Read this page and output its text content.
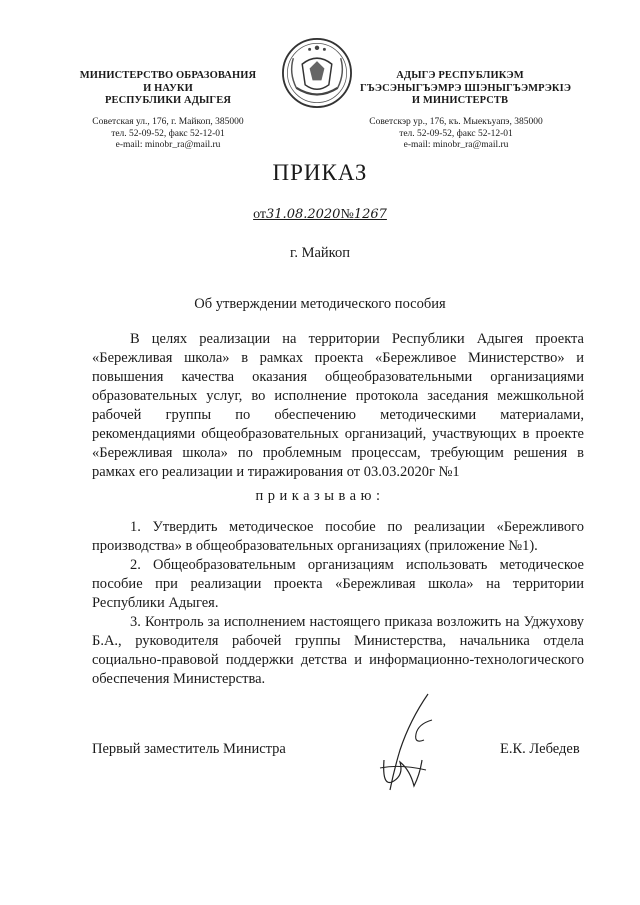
МИНИСТЕРСТВО ОБРАЗОВАНИЯ
И НАУКИ
РЕСПУБЛИКИ АДЫГЕЯ
АДЫГЭ РЕСПУБЛИКЭМ
ГЪЭСЭНЫГЪЭМРЭ ШІЭНЫГЪЭМРЭКІЭ
И МИНИСТЕРСТВ
Советская ул., 176, г. Майкоп, 385000
тел. 52-09-52, факс 52-12-01
e-mail: minobr_ra@mail.ru
Советскэр ур., 176, къ. Мыекъуапэ, 385000
тел. 52-09-52, факс 52-12-01
e-mail: minobr_ra@mail.ru
ПРИКАЗ
от31.08.2020№1267
г. Майкоп
Об утверждении методического пособия
В целях реализации на территории Республики Адыгея проекта «Бережливая школа» в рамках проекта «Бережливое Министерство» и повышения качества оказания общеобразовательными организациями образовательных услуг, во исполнение протокола заседания межшкольной рабочей группы по обеспечению методическими материалами, рекомендациями общеобразовательных организаций, участвующих в проекте «Бережливая школа» по проблемным процессам, требующим решения в рамках его реализации и тиражирования от 03.03.2020г №1
приказываю:

1. Утвердить методическое пособие по реализации «Бережливого производства» в общеобразовательных организациях (приложение №1).

2. Общеобразовательным организациям использовать методическое пособие при реализации проекта «Бережливая школа» на территории Республики Адыгея.

3. Контроль за исполнением настоящего приказа возложить на Уджухову Б.А., руководителя рабочей группы Министерства, начальника отдела социально-правовой поддержки детства и информационно-технологического обеспечения Министерства.

Первый заместитель Министра	Е.К. Лебедев
